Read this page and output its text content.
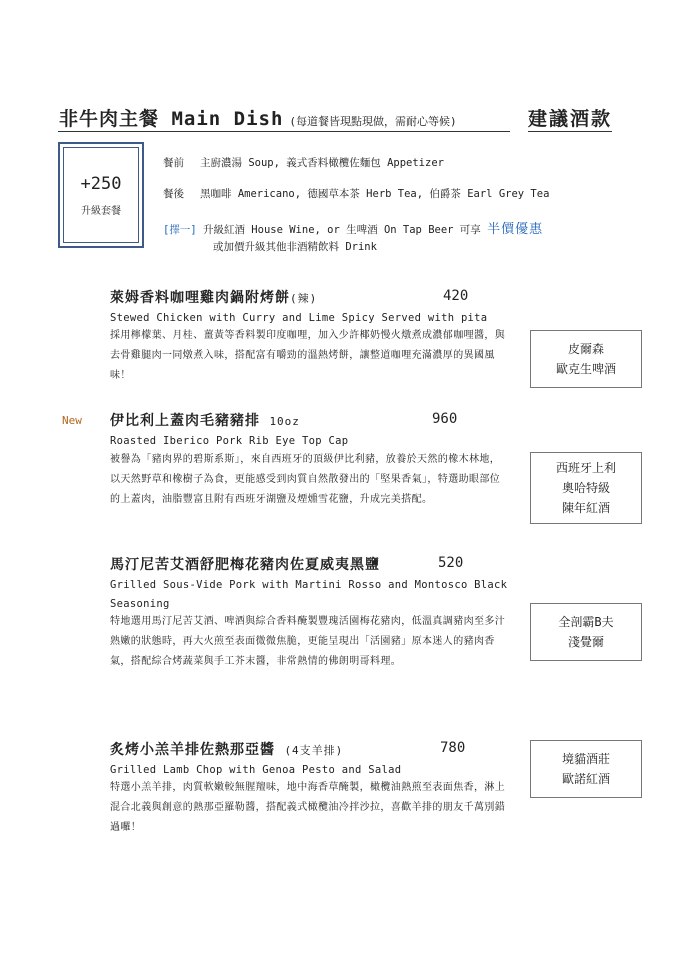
非牛肉主餐 Main Dish (每道餐皆現點現做，需耐心等候)	建議酒款
+250
升級套餐
餐前 主廚濃湯 Soup, 義式香料橄欖佐麵包 Appetizer
餐後 黑咖啡 Americano, 德國草本茶 Herb Tea, 伯爵茶 Earl Grey Tea
[擇一] 升級紅酒 House Wine, or 生啤酒 On Tap Beer 可享 半價優惠
或加價升級其他非酒精飲料 Drink
萊姆香料咖哩雞肉鍋附烤餅(辣)	420
Stewed Chicken with Curry and Lime Spicy Served with pita
採用檸檬葉、月桂、薑黃等香料製印度咖哩，加入少許椰奶慢火燉煮成濃郁咖哩醬，與去骨雞腿肉一同燉煮入味，搭配富有嚼勁的溫熱烤餅，讓整道咖哩充滿濃厚的異國風味！
皮爾森
歐克生啤酒
New 伊比利上蓋肉毛豬豬排 10oz	960
Roasted Iberico Pork Rib Eye Top Cap
被譽為「豬肉界的碧斯系斯」，來自西班牙的頂級伊比利豬，放養於天然的橡木林地，以天然野草和橡樹子為食，更能感受到肉質自然散發出的「堅果香氣」，特選助眼部位的上蓋肉，油脂豐富且附有西班牙湖鹽及煙燻雪花鹽，升成完美搭配。
西班牙上利
奧哈特級
陳年紅酒
馬汀尼苦艾酒舒肥梅花豬肉佐夏威夷黑鹽	520
Grilled Sous-Vide Pork with Martini Rosso and Montosco Black
Seasoning
特地選用馬汀尼苦艾酒、啤酒與綜合香料醃製豐瑰活園梅花豬肉，低溫真調豬肉至多汁熟嫩的狀態時，再大火煎至表面微微焦脆，更能呈現出「活園豬」原本迷人的豬肉香氣，搭配綜合烤蔬菜與手工芥末醬，非常熱情的佛朗明哥料理。
全剖霸B夫
淺覺爾
炙烤小羔羊排佐熱那亞醬 (4支羊排)	780
Grilled Lamb Chop with Genoa Pesto and Salad
特選小羔羊排，肉質軟嫩較無腥羶味，地中海香草醃製，橄欖油熱煎至表面焦香，淋上混合北義與創意的熱那亞羅勒醬，搭配義式橄欖油冷拌沙拉，喜歡羊排的朋友千萬別錯過囉！
境貓酒莊
歐諾紅酒
